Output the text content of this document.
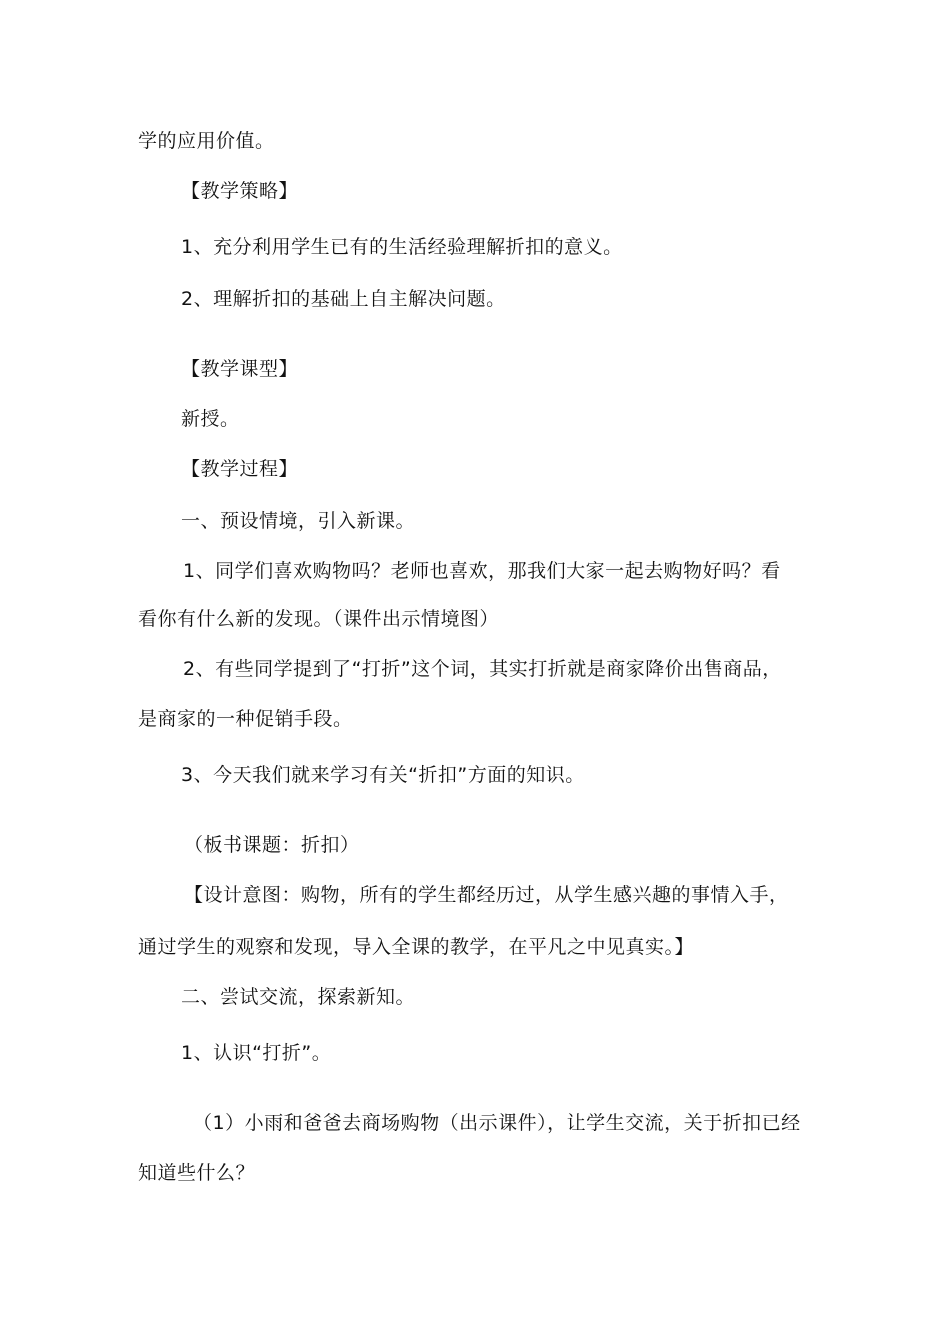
学的应用价值。
【教学策略】
1、充分利用学生已有的生活经验理解折扣的意义。
2、理解折扣的基础上自主解决问题。
【教学课型】
新授。
【教学过程】
一、预设情境，引入新课。
1、同学们喜欢购物吗？老师也喜欢，那我们大家一起去购物好吗？看
看你有什么新的发现。（课件出示情境图）
2、有些同学提到了“打折”这个词，其实打折就是商家降价出售商品，
是商家的一种促销手段。
3、今天我们就来学习有关“折扣”方面的知识。
（板书课题：折扣）
【设计意图：购物，所有的学生都经历过，从学生感兴趣的事情入手，
通过学生的观察和发现，导入全课的教学，在平凡之中见真实。】
二、尝试交流，探索新知。
1、认识“打折”。
（1）小雨和爸爸去商场购物（出示课件），让学生交流，关于折扣已经
知道些什么？
